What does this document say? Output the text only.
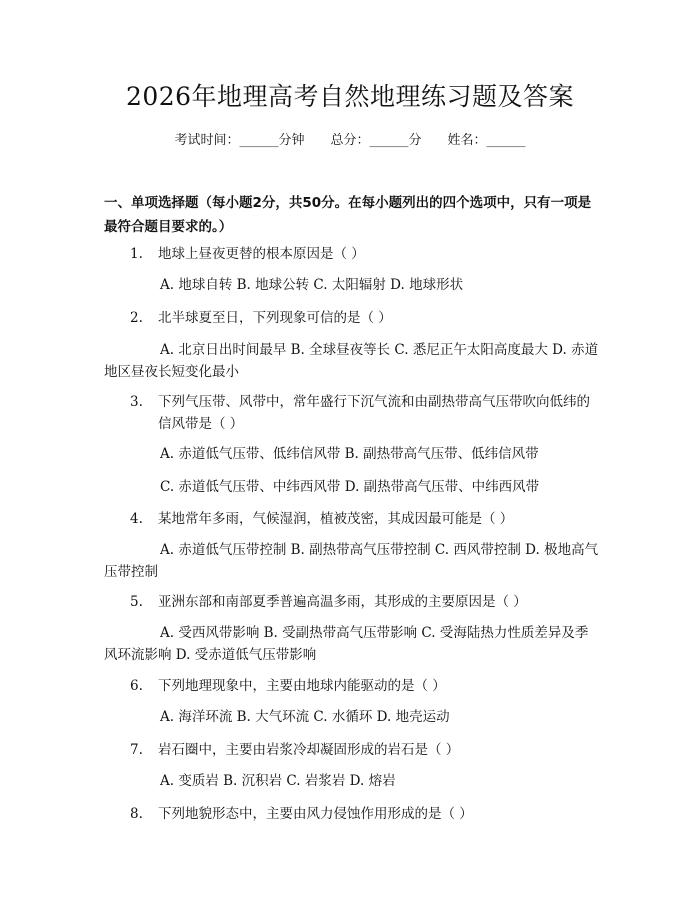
2026年地理高考自然地理练习题及答案
考试时间：______分钟 总分：______分 姓名：______
一、单项选择题（每小题2分，共50分。在每小题列出的四个选项中，只有一项是最符合题目要求的。）
1. 地球上昼夜更替的根本原因是（ ）
A. 地球自转 B. 地球公转 C. 太阳辐射 D. 地球形状
2. 北半球夏至日，下列现象可信的是（ ）
A. 北京日出时间最早 B. 全球昼夜等长 C. 悉尼正午太阳高度最大 D. 赤道地区昼夜长短变化最小
3. 下列气压带、风带中，常年盛行下沉气流和由副热带高气压带吹向低纬的信风带是（ ）
A. 赤道低气压带、低纬信风带 B. 副热带高气压带、低纬信风带
C. 赤道低气压带、中纬西风带 D. 副热带高气压带、中纬西风带
4. 某地常年多雨，气候湿润，植被茂密，其成因最可能是（ ）
A. 赤道低气压带控制 B. 副热带高气压带控制 C. 西风带控制 D. 极地高气压带控制
5. 亚洲东部和南部夏季普遍高温多雨，其形成的主要原因是（ ）
A. 受西风带影响 B. 受副热带高气压带影响 C. 受海陆热力性质差异及季风环流影响 D. 受赤道低气压带影响
6. 下列地理现象中，主要由地球内能驱动的是（ ）
A. 海洋环流 B. 大气环流 C. 水循环 D. 地壳运动
7. 岩石圈中，主要由岩浆冷却凝固形成的岩石是（ ）
A. 变质岩 B. 沉积岩 C. 岩浆岩 D. 熔岩
8. 下列地貌形态中，主要由风力侵蚀作用形成的是（ ）
